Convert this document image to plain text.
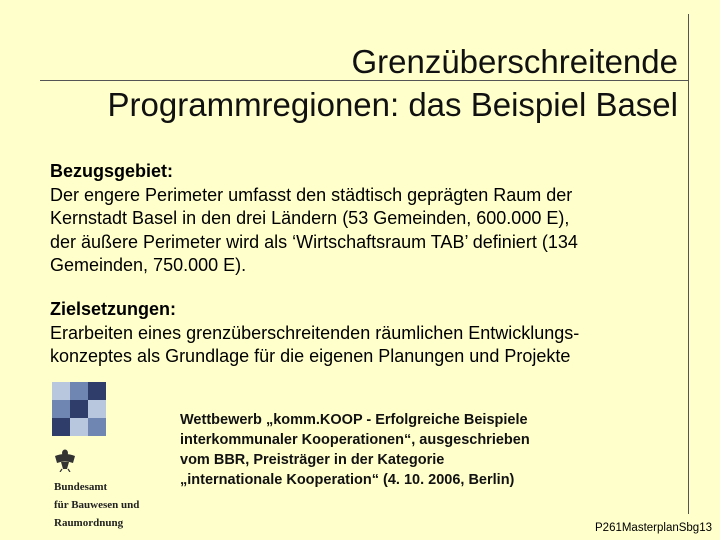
Grenzüberschreitende
Programmregionen: das Beispiel Basel
Bezugsgebiet:
Der engere Perimeter umfasst den städtisch geprägten Raum der
Kernstadt Basel in den drei Ländern (53 Gemeinden, 600.000 E),
der äußere Perimeter wird als ‘Wirtschaftsraum TAB’ definiert (134
Gemeinden, 750.000 E).
Zielsetzungen:
Erarbeiten eines grenzüberschreitenden räumlichen Entwicklungs-
konzeptes als Grundlage für die eigenen Planungen und Projekte
Bundesamt
für Bauwesen und
Raumordnung
Wettbewerb „komm.KOOP - Erfolgreiche Beispiele
interkommunaler Kooperationen“, ausgeschrieben
vom BBR, Preisträger in der Kategorie
„internationale Kooperation“ (4. 10. 2006, Berlin)
P261MasterplanSbg13
